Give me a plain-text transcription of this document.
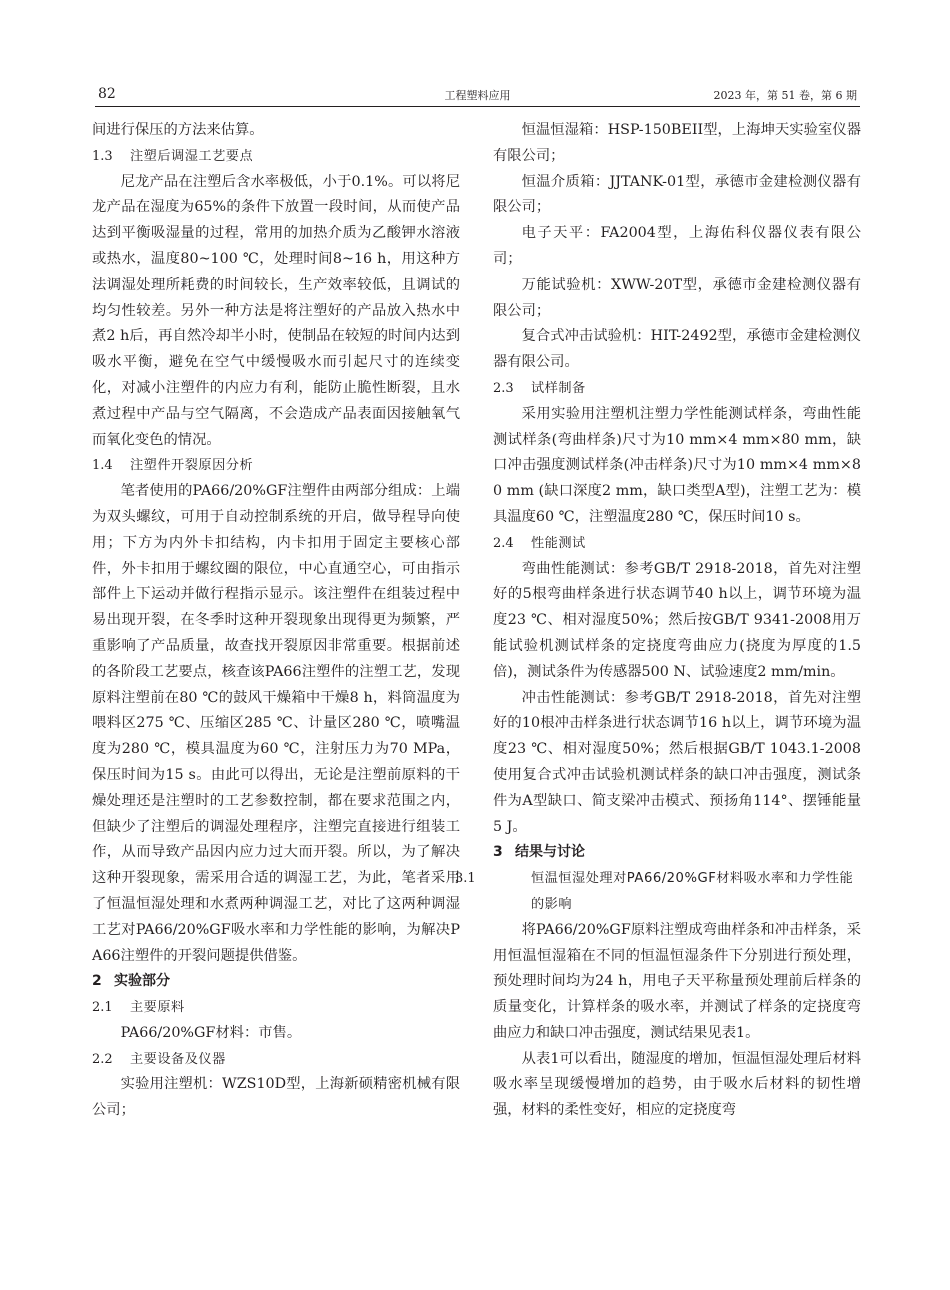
82	工程塑料应用	2023 年，第 51 卷，第 6 期

间进行保压的方法来估算。

1.3 注塑后调湿工艺要点

尼龙产品在注塑后含水率极低，小于0.1%。可以将尼龙产品在湿度为65%的条件下放置一段时间，从而使产品达到平衡吸湿量的过程，常用的加热介质为乙酸钾水溶液或热水，温度80~100 ℃，处理时间8~16 h，用这种方法调湿处理所耗费的时间较长，生产效率较低，且调试的均匀性较差。另外一种方法是将注塑好的产品放入热水中煮2 h后，再自然冷却半小时，使制品在较短的时间内达到吸水平衡，避免在空气中缓慢吸水而引起尺寸的连续变化，对减小注塑件的内应力有利，能防止脆性断裂，且水煮过程中产品与空气隔离，不会造成产品表面因接触氧气而氧化变色的情况。

1.4 注塑件开裂原因分析

笔者使用的PA66/20%GF注塑件由两部分组成：上端为双头螺纹，可用于自动控制系统的开启，做导程导向使用；下方为内外卡扣结构，内卡扣用于固定主要核心部件，外卡扣用于螺纹圈的限位，中心直通空心，可由指示部件上下运动并做行程指示显示。该注塑件在组装过程中易出现开裂，在冬季时这种开裂现象出现得更为频繁，严重影响了产品质量，故查找开裂原因非常重要。根据前述的各阶段工艺要点，核查该PA66注塑件的注塑工艺，发现原料注塑前在80 ℃的鼓风干燥箱中干燥8 h，料筒温度为喂料区275 ℃、压缩区285 ℃、计量区280 ℃，喷嘴温度为280 ℃，模具温度为60 ℃，注射压力为70 MPa，保压时间为15 s。由此可以得出，无论是注塑前原料的干燥处理还是注塑时的工艺参数控制，都在要求范围之内，但缺少了注塑后的调湿处理程序，注塑完直接进行组装工作，从而导致产品因内应力过大而开裂。所以，为了解决这种开裂现象，需采用合适的调湿工艺，为此，笔者采用了恒温恒湿处理和水煮两种调湿工艺，对比了这两种调湿工艺对PA66/20%GF吸水率和力学性能的影响，为解决PA66注塑件的开裂问题提供借鉴。

2 实验部分
2.1 主要原料

PA66/20%GF材料：市售。

2.2 主要设备及仪器

实验用注塑机：WZS10D型，上海新硕精密机械有限公司；

恒温恒湿箱：HSP-150BEII型，上海坤天实验室仪器有限公司；

恒温介质箱：JJTANK-01型，承德市金建检测仪器有限公司；

电子天平：FA2004型，上海佑科仪器仪表有限公司；

万能试验机：XWW-20T型，承德市金建检测仪器有限公司；

复合式冲击试验机：HIT-2492型，承德市金建检测仪器有限公司。

2.3 试样制备

采用实验用注塑机注塑力学性能测试样条，弯曲性能测试样条(弯曲样条)尺寸为10 mm×4 mm×80 mm，缺口冲击强度测试样条(冲击样条)尺寸为10 mm×4 mm×80 mm (缺口深度2 mm，缺口类型A型)，注塑工艺为：模具温度60 ℃，注塑温度280 ℃，保压时间10 s。

2.4 性能测试

弯曲性能测试：参考GB/T 2918-2018，首先对注塑好的5根弯曲样条进行状态调节40 h以上，调节环境为温度23 ℃、相对湿度50%；然后按GB/T 9341-2008用万能试验机测试样条的定挠度弯曲应力(挠度为厚度的1.5倍)，测试条件为传感器500 N、试验速度2 mm/min。

冲击性能测试：参考GB/T 2918-2018，首先对注塑好的10根冲击样条进行状态调节16 h以上，调节环境为温度23 ℃、相对湿度50%；然后根据GB/T 1043.1-2008使用复合式冲击试验机测试样条的缺口冲击强度，测试条件为A型缺口、简支梁冲击模式、预扬角114°、摆锤能量5 J。

3 结果与讨论
3.1	恒温恒湿处理对PA66/20%GF材料吸水率和力学性能的影响

将PA66/20%GF原料注塑成弯曲样条和冲击样条，采用恒温恒湿箱在不同的恒温恒湿条件下分别进行预处理，预处理时间均为24 h，用电子天平称量预处理前后样条的质量变化，计算样条的吸水率，并测试了样条的定挠度弯曲应力和缺口冲击强度，测试结果见表1。

从表1可以看出，随湿度的增加，恒温恒湿处理后材料吸水率呈现缓慢增加的趋势，由于吸水后材料的韧性增强，材料的柔性变好，相应的定挠度弯
